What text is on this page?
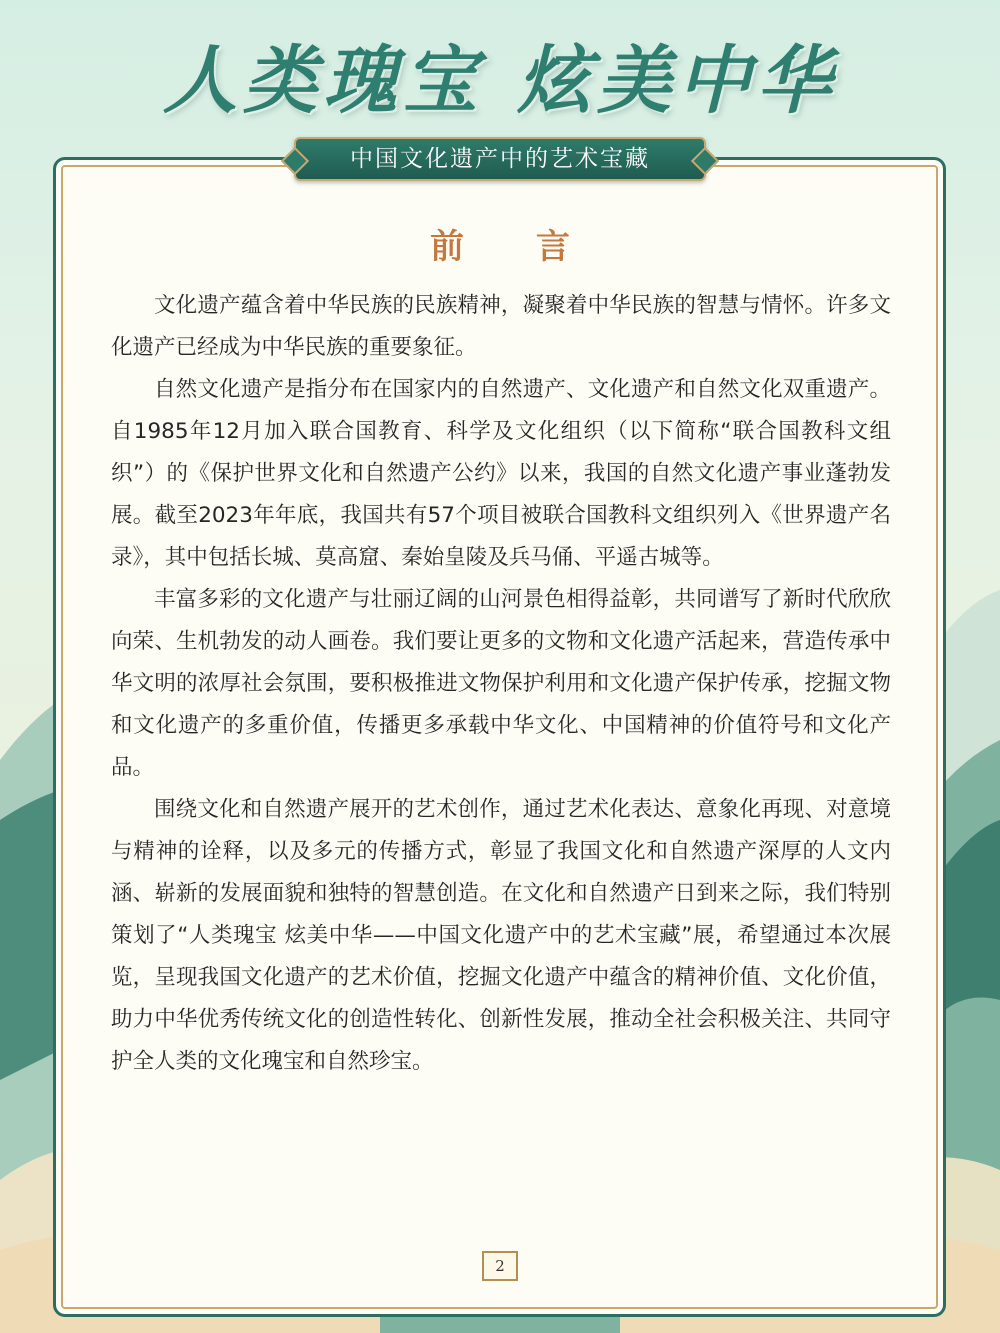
人类瑰宝 炫美中华
中国文化遗产中的艺术宝藏
前 言

文化遗产蕴含着中华民族的民族精神，凝聚着中华民族的智慧与情怀。许多文化遗产已经成为中华民族的重要象征。

自然文化遗产是指分布在国家内的自然遗产、文化遗产和自然文化双重遗产。自1985年12月加入联合国教育、科学及文化组织（以下简称“联合国教科文组织”）的《保护世界文化和自然遗产公约》以来，我国的自然文化遗产事业蓬勃发展。截至2023年年底，我国共有57个项目被联合国教科文组织列入《世界遗产名录》，其中包括长城、莫高窟、秦始皇陵及兵马俑、平遥古城等。

丰富多彩的文化遗产与壮丽辽阔的山河景色相得益彰，共同谱写了新时代欣欣向荣、生机勃发的动人画卷。我们要让更多的文物和文化遗产活起来，营造传承中华文明的浓厚社会氛围，要积极推进文物保护利用和文化遗产保护传承，挖掘文物和文化遗产的多重价值，传播更多承载中华文化、中国精神的价值符号和文化产品。

围绕文化和自然遗产展开的艺术创作，通过艺术化表达、意象化再现、对意境与精神的诠释，以及多元的传播方式，彰显了我国文化和自然遗产深厚的人文内涵、崭新的发展面貌和独特的智慧创造。在文化和自然遗产日到来之际，我们特别策划了“人类瑰宝 炫美中华——中国文化遗产中的艺术宝藏”展，希望通过本次展览，呈现我国文化遗产的艺术价值，挖掘文化遗产中蕴含的精神价值、文化价值，助力中华优秀传统文化的创造性转化、创新性发展，推动全社会积极关注、共同守护全人类的文化瑰宝和自然珍宝。

2
